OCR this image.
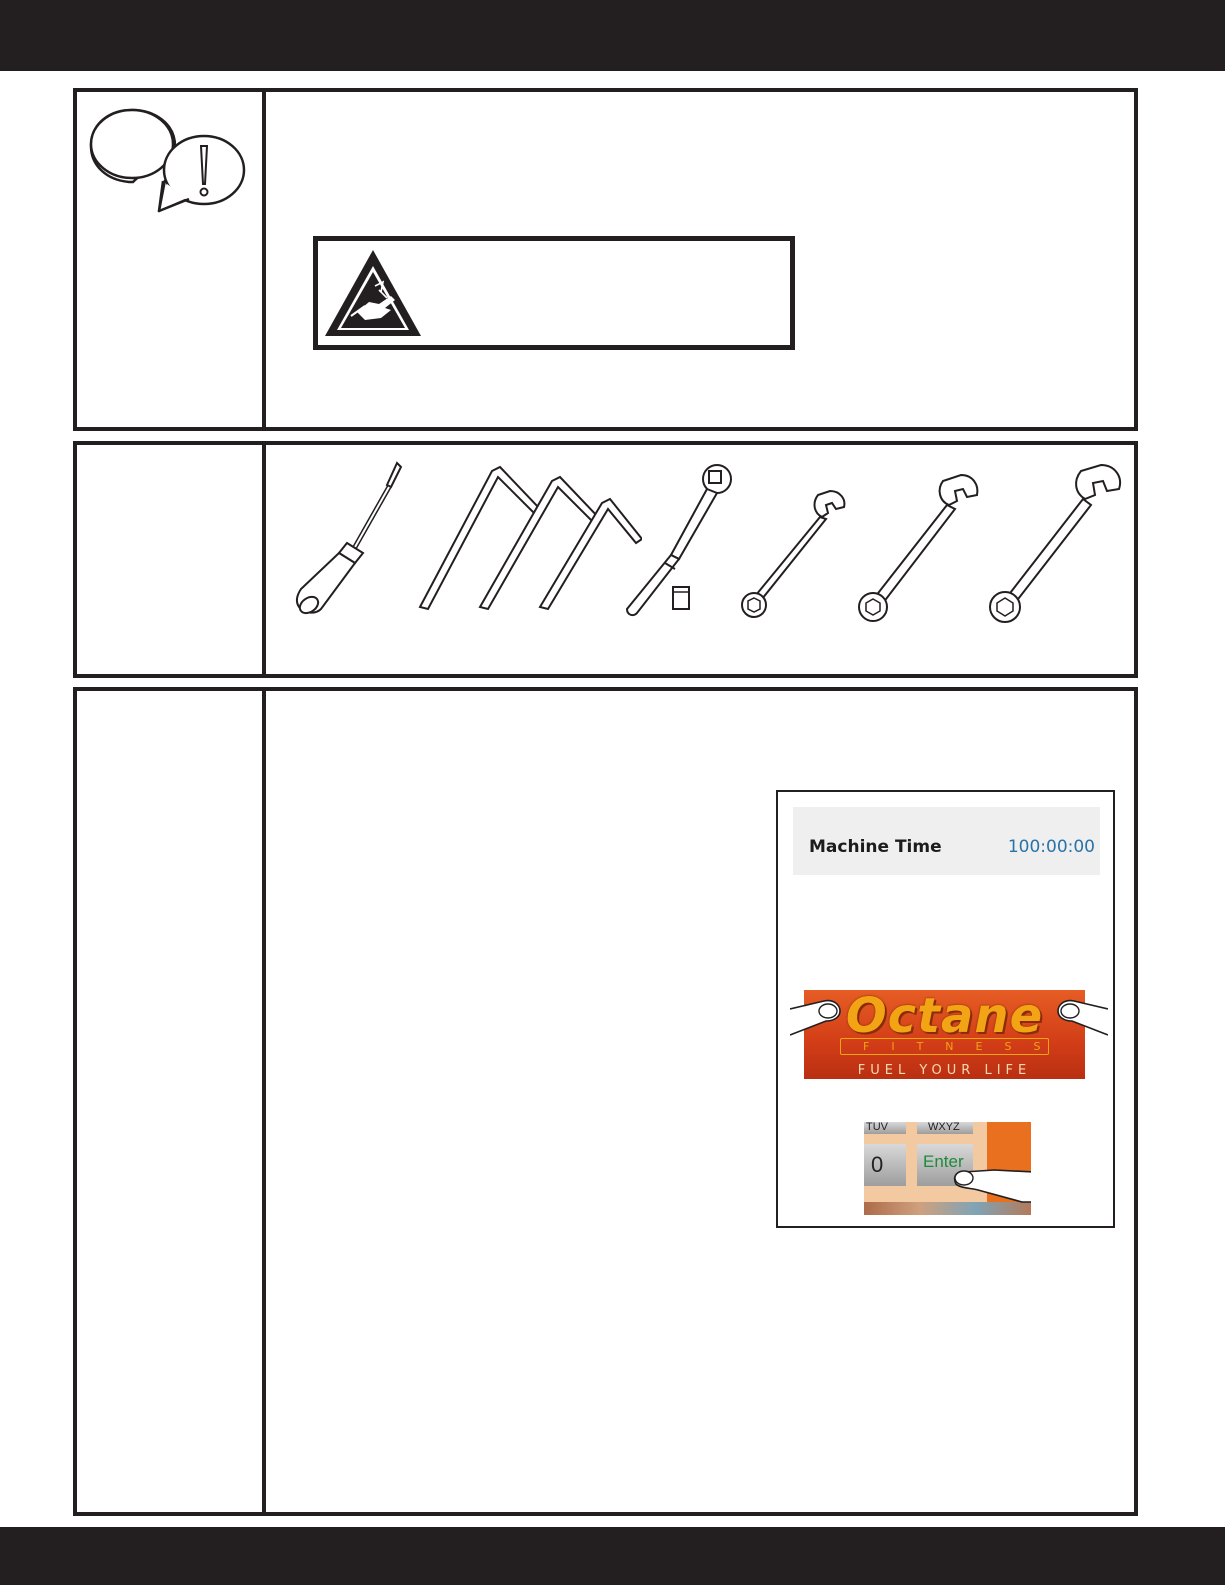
Machine Time	100:00:00
Octane
FITNESS
FUEL YOUR LIFE
TUV	WXYZ
0 Enter
